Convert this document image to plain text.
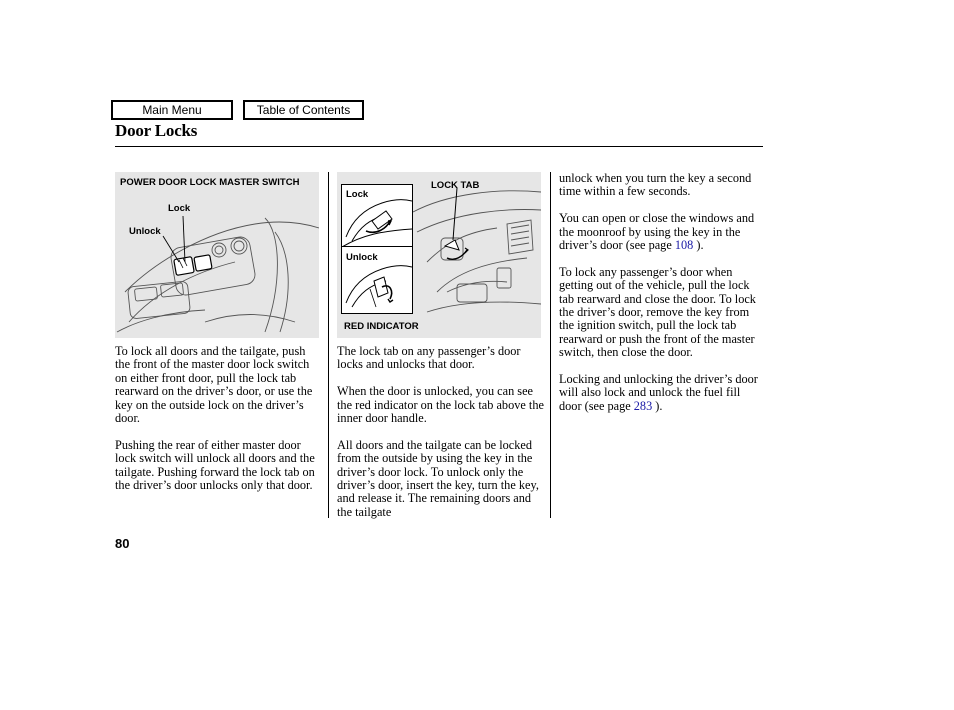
Main Menu	Table of Contents
Door Locks
POWER DOOR LOCK MASTER SWITCH
Lock
Unlock
Lock
LOCK TAB
Unlock
RED INDICATOR

To lock all doors and the tailgate, push the front of the master door lock switch on either front door, pull the lock tab rearward on the driver’s door, or use the key on the outside lock on the driver’s door.

Pushing the rear of either master door lock switch will unlock all doors and the tailgate. Pushing forward the lock tab on the driver’s door unlocks only that door.

The lock tab on any passenger’s door locks and unlocks that door.

When the door is unlocked, you can see the red indicator on the lock tab above the inner door handle.

All doors and the tailgate can be locked from the outside by using the key in the driver’s door lock. To unlock only the driver’s door, insert the key, turn the key, and release it. The remaining doors and the tailgate

unlock when you turn the key a second time within a few seconds.

You can open or close the windows and the moonroof by using the key in the driver’s door (see page 108 ).

To lock any passenger’s door when getting out of the vehicle, pull the lock tab rearward and close the door. To lock the driver’s door, remove the key from the ignition switch, pull the lock tab rearward or push the front of the master switch, then close the door.

Locking and unlocking the driver’s door will also lock and unlock the fuel fill door (see page 283 ).

80
